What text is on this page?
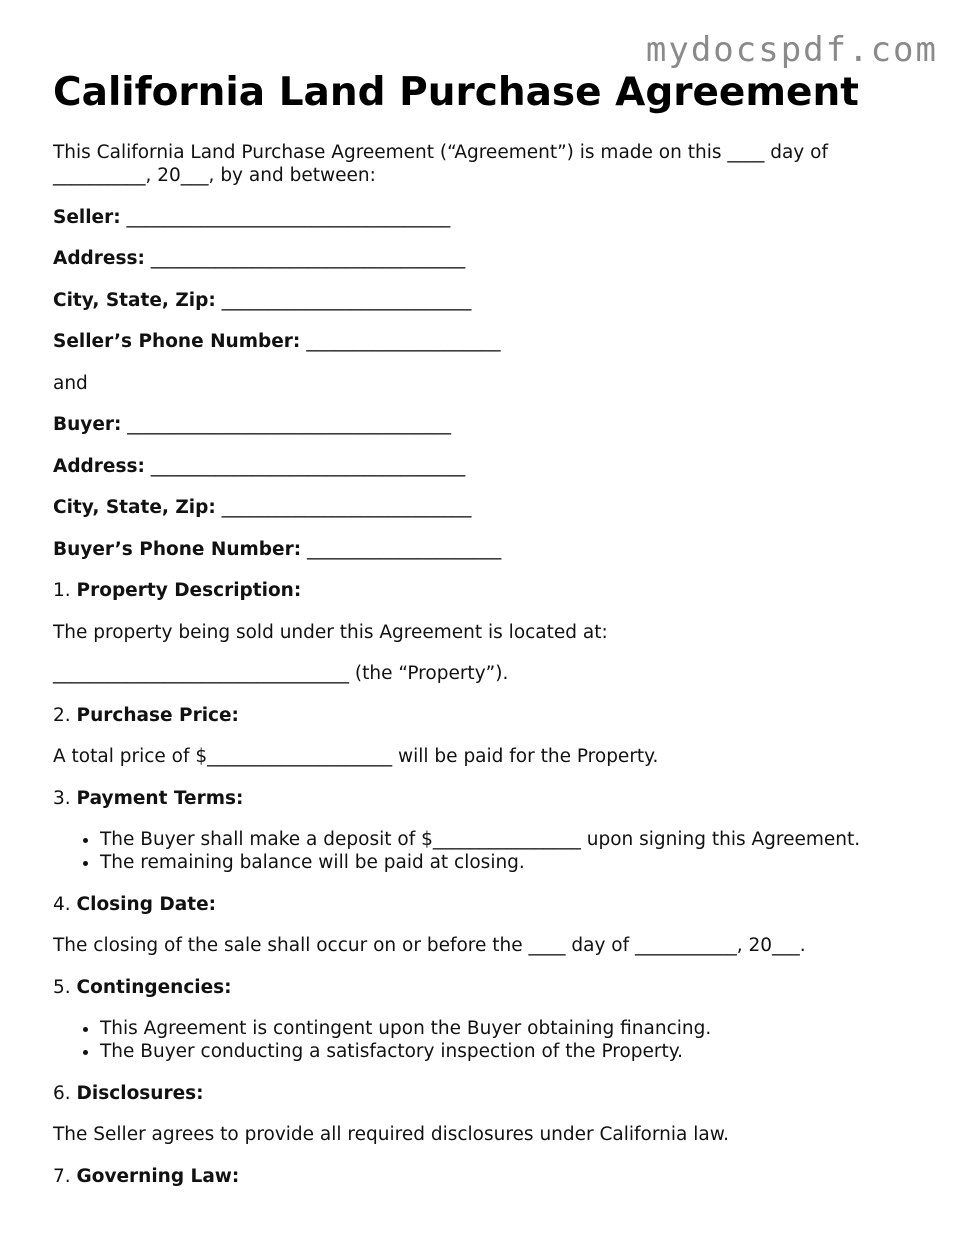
mydocspdf.com
California Land Purchase Agreement

This California Land Purchase Agreement (“Agreement”) is made on this ____ day of __________, 20___, by and between:

Seller: ___________________________________

Address: __________________________________

City, State, Zip: ___________________________

Seller’s Phone Number: _____________________

and

Buyer: ___________________________________

Address: __________________________________

City, State, Zip: ___________________________

Buyer’s Phone Number: _____________________

1. Property Description:

The property being sold under this Agreement is located at:

________________________________ (the “Property”).

2. Purchase Price:

A total price of $____________________ will be paid for the Property.

3. Payment Terms:

• The Buyer shall make a deposit of $________________ upon signing this Agreement.
• The remaining balance will be paid at closing.

4. Closing Date:

The closing of the sale shall occur on or before the ____ day of ___________, 20___.

5. Contingencies:

• This Agreement is contingent upon the Buyer obtaining financing.
• The Buyer conducting a satisfactory inspection of the Property.

6. Disclosures:

The Seller agrees to provide all required disclosures under California law.

7. Governing Law:
